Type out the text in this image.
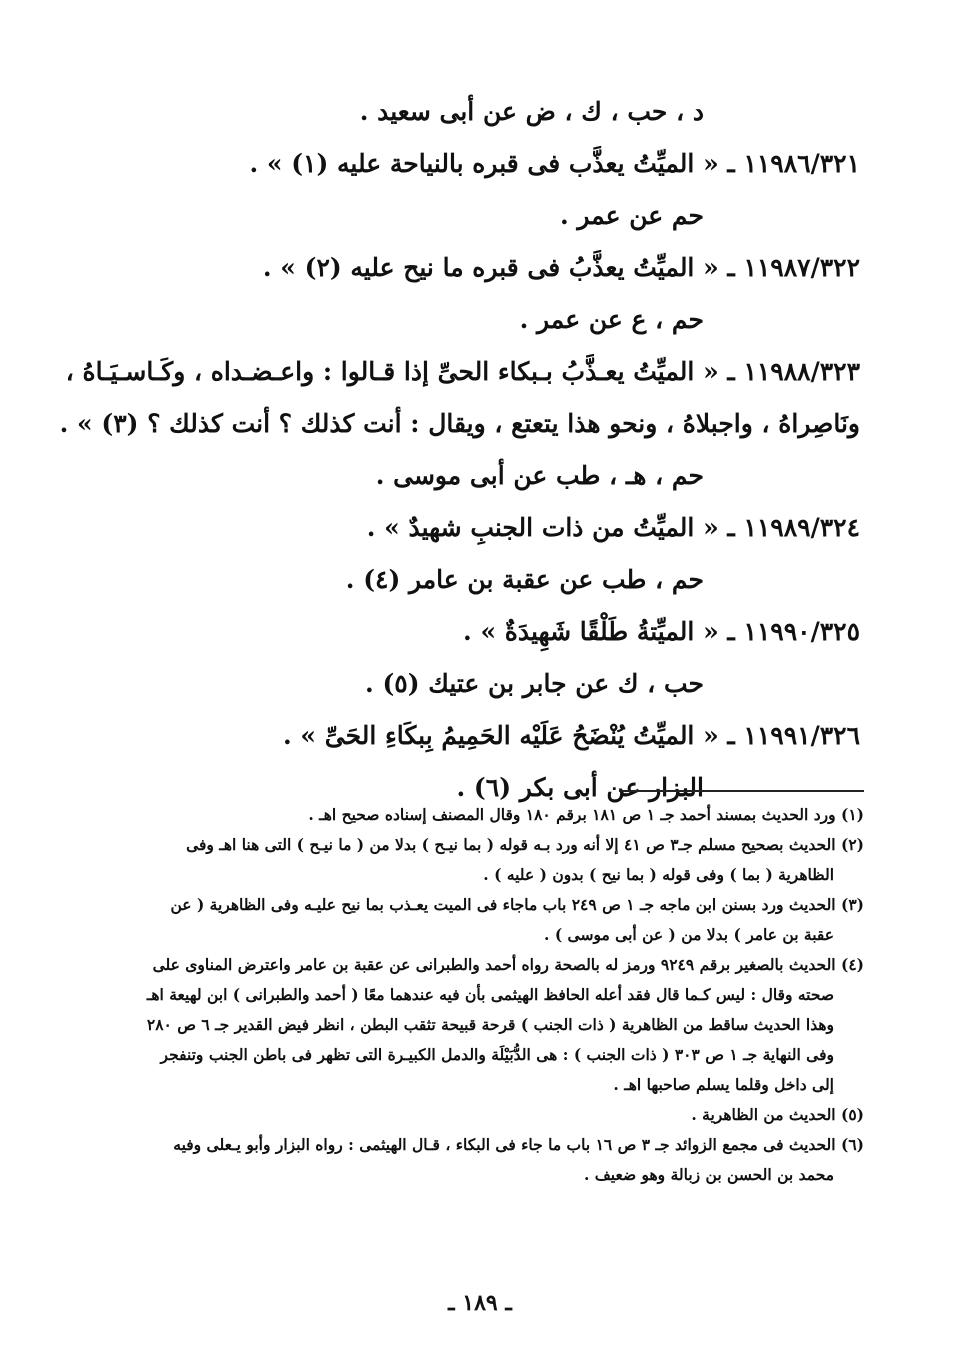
د ، حب ، ك ، ض عن أبى سعيد .
١١٩٨٦/٣٢١ ـ « الميِّتُ يعذَّب فى قبره بالنياحة عليه (١) » .
حم عن عمر .
١١٩٨٧/٣٢٢ ـ « الميِّتُ يعذَّبُ فى قبره ما نيح عليه (٢) » .
حم ، ع عن عمر .
١١٩٨٨/٣٢٣ ـ « الميِّتُ يعـذَّبُ بـبكاء الحىِّ إذا قـالوا : واعـضـداه ، وكَـاسـيَـاهُ ،
ونَاصِراهُ ، واجبلاهُ ، ونحو هذا يتعتع ، ويقال : أنت كذلك ؟ أنت كذلك ؟ (٣) » .
حم ، هـ ، طب عن أبى موسى .
١١٩٨٩/٣٢٤ ـ « الميِّتُ من ذات الجنبِ شهيدٌ » .
حم ، طب عن عقبة بن عامر (٤) .
١١٩٩٠/٣٢٥ ـ « الميِّتةُ طَلْقًا شَهِيدَةٌ » .
حب ، ك عن جابر بن عتيك (٥) .
١١٩٩١/٣٢٦ ـ « الميِّتُ يُنْضَحُ عَلَيْه الحَمِيمُ بِبكَاءِ الحَىِّ » .
البزار عن أبى بكر (٦) .
(١) ورد الحديث بمسند أحمد جـ ١ ص ١٨١ برقم ١٨٠ وقال المصنف إسناده صحيح اهـ .
(٢) الحديث بصحيح مسلم جـ٣ ص ٤١ إلا أنه ورد بـه قوله ( بما نيـح ) بدلا من ( ما نيـح ) التى هنا اهـ وفى
الظاهرية ( بما ) وفى قوله ( بما نيح ) بدون ( عليه ) .
(٣) الحديث ورد بسنن ابن ماجه جـ ١ ص ٢٤٩ باب ماجاء فى الميت يعـذب بما نيح عليـه وفى الظاهرية ( عن
عقبة بن عامر ) بدلا من ( عن أبى موسى ) .
(٤) الحديث بالصغير برقم ٩٢٤٩ ورمز له بالصحة رواه أحمد والطبرانى عن عقبة بن عامر واعترض المناوى على
صحته وقال : ليس كـما قال فقد أعله الحافظ الهيثمى بأن فيه عندهما معًا ( أحمد والطبرانى ) ابن لهيعة اهـ
وهذا الحديث ساقط من الظاهرية ( ذات الجنب ) قرحة قبيحة تثقب البطن ، انظر فيض القدير جـ ٦ ص ٢٨٠
وفى النهاية جـ ١ ص ٣٠٣ ( ذات الجنب ) : هى الدُّبَيْلَة والدمل الكبيـرة التى تظهر فى باطن الجنب وتنفجر
إلى داخل وقلما يسلم صاحبها اهـ .
(٥) الحديث من الظاهرية .
(٦) الحديث فى مجمع الزوائد جـ ٣ ص ١٦ باب ما جاء فى البكاء ، قـال الهيثمى : رواه البزار وأبو يـعلى وفيه
محمد بن الحسن بن زبالة وهو ضعيف .
ـ ١٨٩ ـ
